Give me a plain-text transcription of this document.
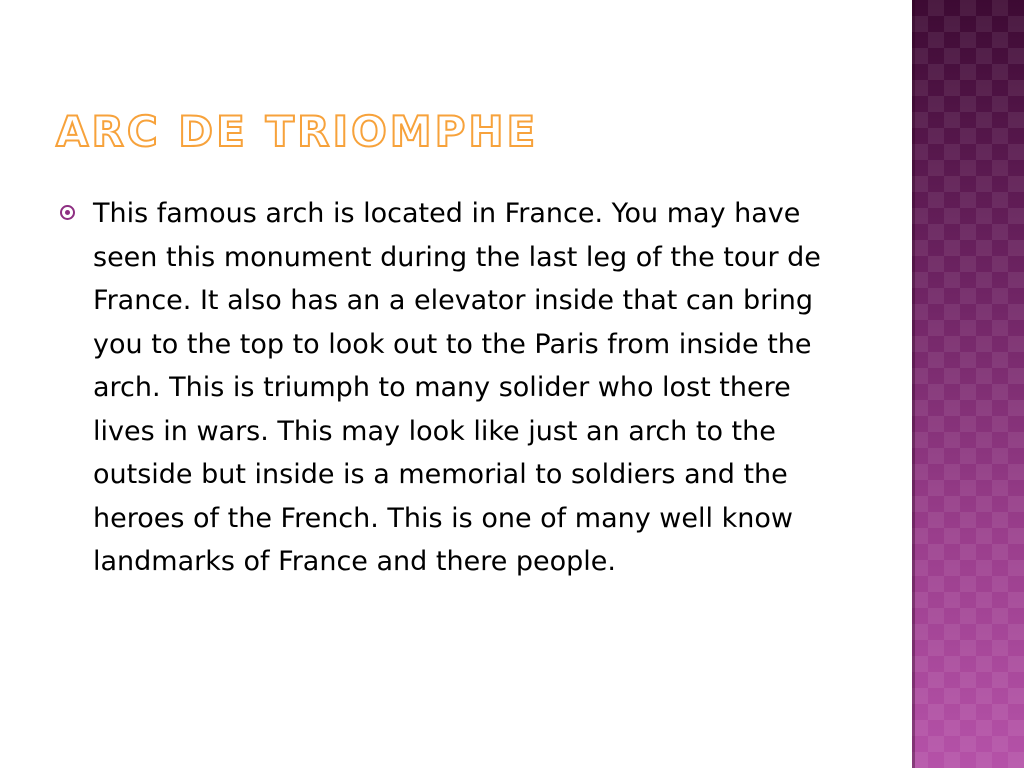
ARC DE TRIOMPHE

This famous arch is located in France. You may have seen this monument during the last leg of the tour de France. It also has an a elevator inside that can bring you to the top to look out to the Paris from inside the arch. This is triumph to many solider who lost there lives in wars. This may look like just an arch to the outside but inside is a memorial to soldiers and the heroes of the French. This is one of many well know landmarks of France and there people.
